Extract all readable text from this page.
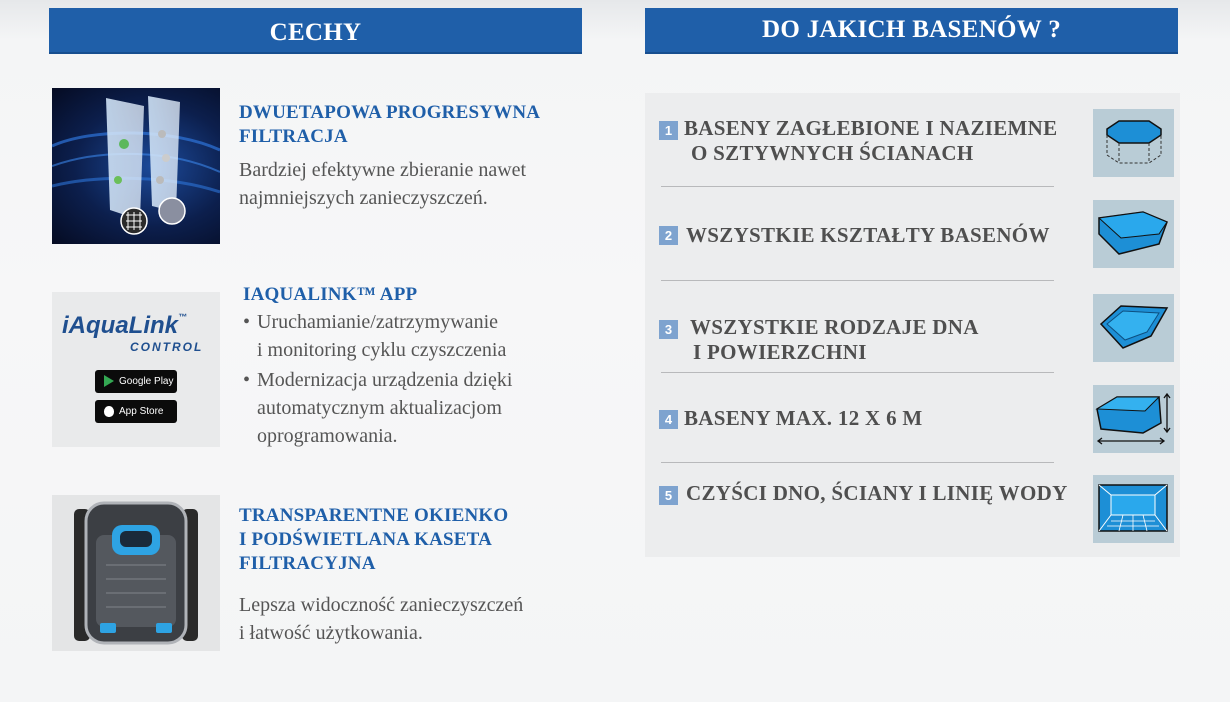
CECHY
DWUETAPOWA PROGRESYWNA
FILTRACJA
Bardziej efektywne zbieranie nawet
najmniejszych zanieczyszczeń.
iAquaLink™
CONTROL
Google Play
App Store
IAQUALINK™ APP
• Uruchamianie/zatrzymywanie
i monitoring cyklu czyszczenia
• Modernizacja urządzenia dzięki
automatycznym aktualizacjom
oprogramowania.
TRANSPARENTNE OKIENKO
I PODŚWIETLANA KASETA
FILTRACYJNA
Lepsza widoczność zanieczyszczeń
i łatwość użytkowania.
DO JAKICH BASENÓW ?
1 BASENY ZAGŁEBIONE I NAZIEMNE
O SZTYWNYCH ŚCIANACH
2 WSZYSTKIE KSZTAŁTY BASENÓW
3 WSZYSTKIE RODZAJE DNA
I POWIERZCHNI
4 BASENY MAX. 12 X 6 M
5 CZYŚCI DNO, ŚCIANY I LINIĘ WODY
